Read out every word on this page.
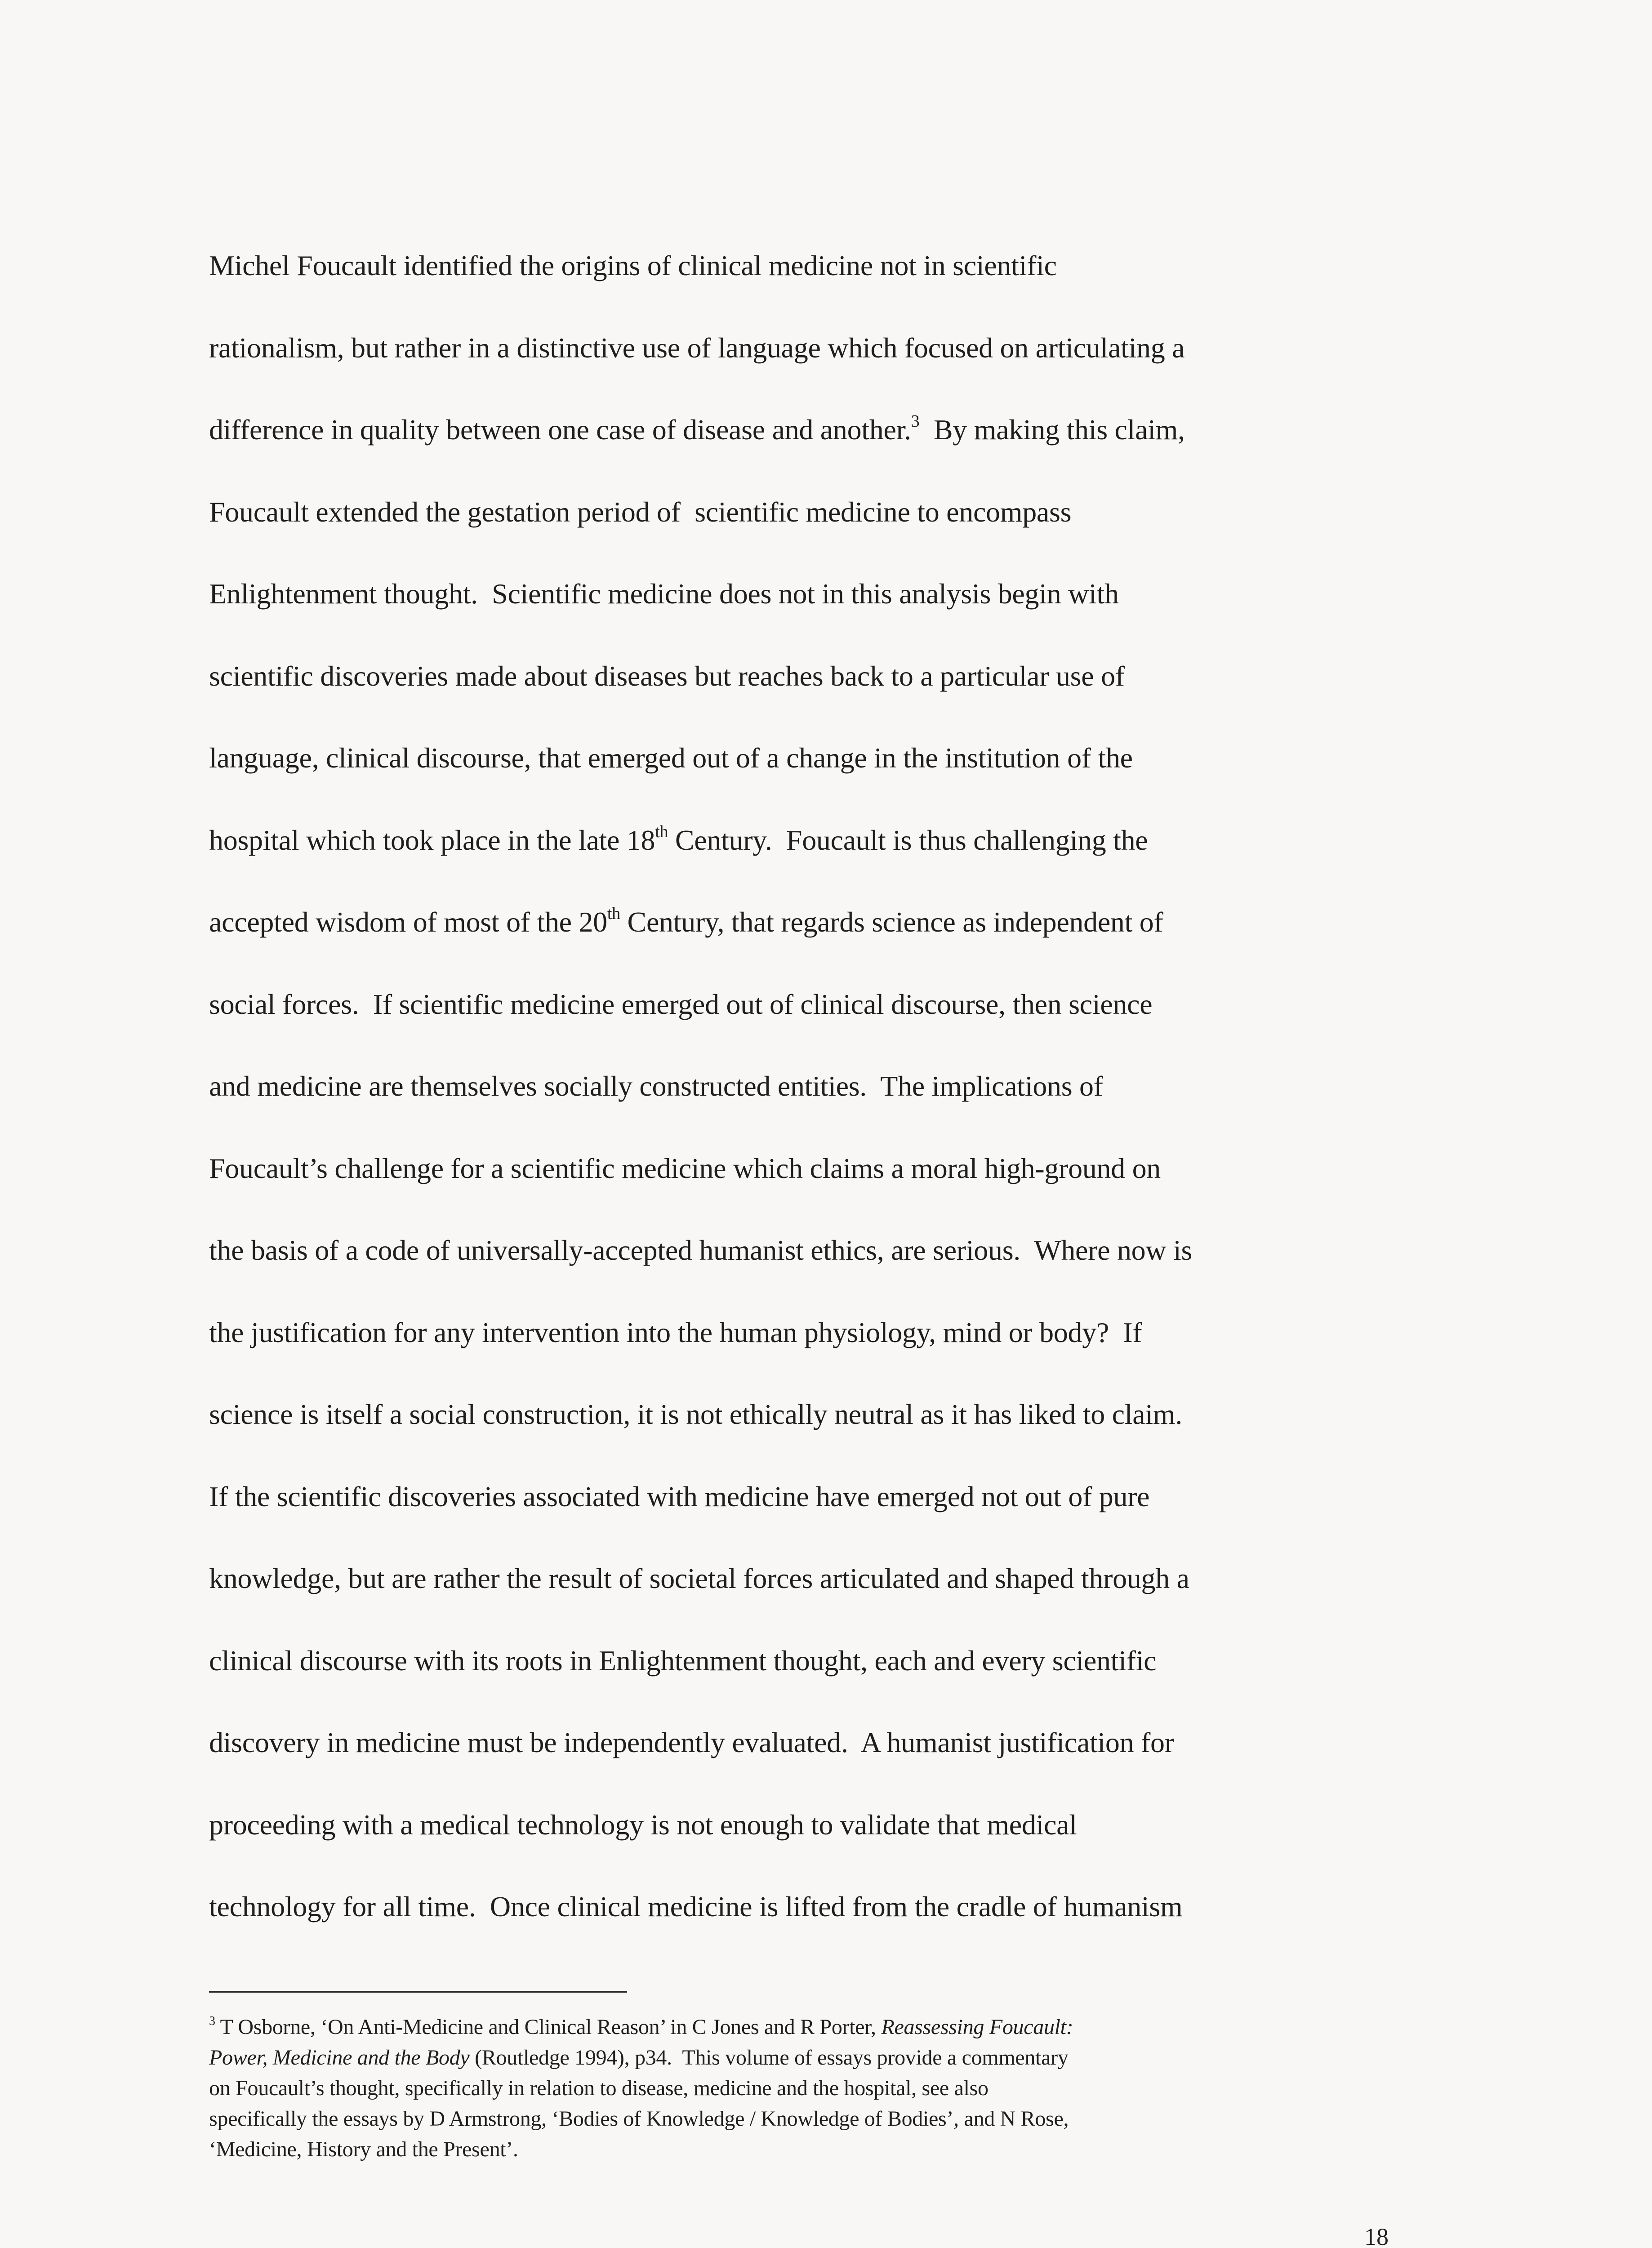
Michel Foucault identified the origins of clinical medicine not in scientific
rationalism, but rather in a distinctive use of language which focused on articulating a
difference in quality between one case of disease and another.$^3$  By making this claim,
Foucault extended the gestation period of  scientific medicine to encompass
Enlightenment thought.  Scientific medicine does not in this analysis begin with
scientific discoveries made about diseases but reaches back to a particular use of
language, clinical discourse, that emerged out of a change in the institution of the
hospital which took place in the late 18th Century.  Foucault is thus challenging the
accepted wisdom of most of the 20th Century, that regards science as independent of
social forces.  If scientific medicine emerged out of clinical discourse, then science
and medicine are themselves socially constructed entities.  The implications of
Foucault’s challenge for a scientific medicine which claims a moral high-ground on
the basis of a code of universally-accepted humanist ethics, are serious.  Where now is
the justification for any intervention into the human physiology, mind or body?  If
science is itself a social construction, it is not ethically neutral as it has liked to claim.
If the scientific discoveries associated with medicine have emerged not out of pure
knowledge, but are rather the result of societal forces articulated and shaped through a
clinical discourse with its roots in Enlightenment thought, each and every scientific
discovery in medicine must be independently evaluated.  A humanist justification for
proceeding with a medical technology is not enough to validate that medical
technology for all time.  Once clinical medicine is lifted from the cradle of humanism
$^3$ T Osborne, ‘On Anti-Medicine and Clinical Reason’ in C Jones and R Porter, Reassessing Foucault:
Power, Medicine and the Body (Routledge 1994), p34.  This volume of essays provide a commentary
on Foucault’s thought, specifically in relation to disease, medicine and the hospital, see also
specifically the essays by D Armstrong, ‘Bodies of Knowledge / Knowledge of Bodies’, and N Rose,
‘Medicine, History and the Present’.
18
